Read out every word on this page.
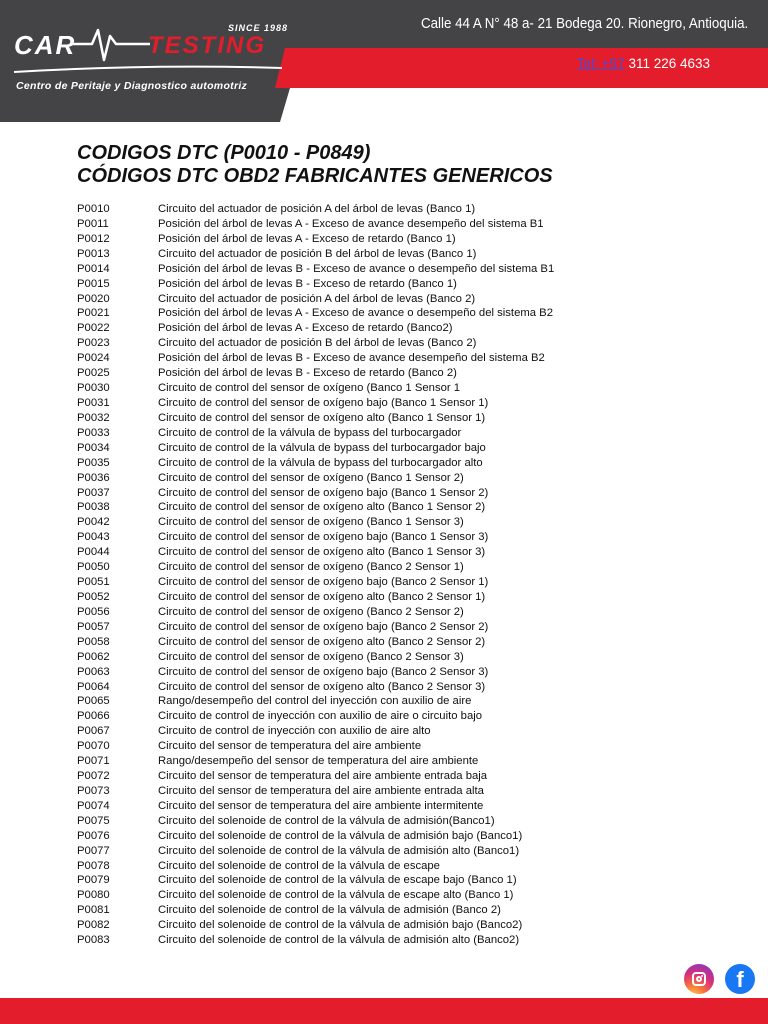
CAR
SINCE 1988
TESTING
Centro de Peritaje y Diagnostico automotriz
Calle 44 A N° 48 a- 21 Bodega 20. Rionegro, Antioquia.
Tel: +57 311 226 4633
CODIGOS DTC (P0010 - P0849)
CÓDIGOS DTC OBD2 FABRICANTES GENERICOS
P0010	Circuito del actuador de posición A del árbol de levas (Banco 1)
P0011	Posición del árbol de levas A - Exceso de avance desempeño del sistema B1
P0012	Posición del árbol de levas A - Exceso de retardo (Banco 1)
P0013	Circuito del actuador de posición B del árbol de levas (Banco 1)
P0014	Posición del árbol de levas B - Exceso de avance o desempeño del sistema B1
P0015	Posición del árbol de levas B - Exceso de retardo (Banco 1)
P0020	Circuito del actuador de posición A del árbol de levas (Banco 2)
P0021	Posición del árbol de levas A - Exceso de avance o desempeño del sistema B2
P0022	Posición del árbol de levas A - Exceso de retardo (Banco2)
P0023	Circuito del actuador de posición B del árbol de levas (Banco 2)
P0024	Posición del árbol de levas B - Exceso de avance desempeño del sistema B2
P0025	Posición del árbol de levas B - Exceso de retardo (Banco 2)
P0030	Circuito de control del sensor de oxígeno (Banco 1 Sensor 1
P0031	Circuito de control del sensor de oxígeno bajo (Banco 1 Sensor 1)
P0032	Circuito de control del sensor de oxígeno alto (Banco 1 Sensor 1)
P0033	Circuito de control de la válvula de bypass del turbocargador
P0034	Circuito de control de la válvula de bypass del turbocargador bajo
P0035	Circuito de control de la válvula de bypass del turbocargador alto
P0036	Circuito de control del sensor de oxígeno (Banco 1 Sensor 2)
P0037	Circuito de control del sensor de oxígeno bajo (Banco 1 Sensor 2)
P0038	Circuito de control del sensor de oxígeno alto (Banco 1 Sensor 2)
P0042	Circuito de control del sensor de oxígeno (Banco 1 Sensor 3)
P0043	Circuito de control del sensor de oxígeno bajo (Banco 1 Sensor 3)
P0044	Circuito de control del sensor de oxígeno alto (Banco 1 Sensor 3)
P0050	Circuito de control del sensor de oxígeno (Banco 2 Sensor 1)
P0051	Circuito de control del sensor de oxígeno bajo (Banco 2 Sensor 1)
P0052	Circuito de control del sensor de oxígeno alto (Banco 2 Sensor 1)
P0056	Circuito de control del sensor de oxígeno (Banco 2 Sensor 2)
P0057	Circuito de control del sensor de oxígeno bajo (Banco 2 Sensor 2)
P0058	Circuito de control del sensor de oxígeno alto (Banco 2 Sensor 2)
P0062	Circuito de control del sensor de oxígeno (Banco 2 Sensor 3)
P0063	Circuito de control del sensor de oxígeno bajo (Banco 2 Sensor 3)
P0064	Circuito de control del sensor de oxígeno alto (Banco 2 Sensor 3)
P0065	Rango/desempeño del control del inyección con auxilio de aire
P0066	Circuito de control de inyección con auxilio de aire o circuito bajo
P0067	Circuito de control de inyección con auxilio de aire alto
P0070	Circuito del sensor de temperatura del aire ambiente
P0071	Rango/desempeño del sensor de temperatura del aire ambiente
P0072	Circuito del sensor de temperatura del aire ambiente entrada baja
P0073	Circuito del sensor de temperatura del aire ambiente entrada alta
P0074	Circuito del sensor de temperatura del aire ambiente intermitente
P0075	Circuito del solenoide de control de la válvula de admisión(Banco1)
P0076	Circuito del solenoide de control de la válvula de admisión bajo (Banco1)
P0077	Circuito del solenoide de control de la válvula de admisión alto (Banco1)
P0078	Circuito del solenoide de control de la válvula de escape
P0079	Circuito del solenoide de control de la válvula de escape bajo (Banco 1)
P0080	Circuito del solenoide de control de la válvula de escape alto (Banco 1)
P0081	Circuito del solenoide de control de la válvula de admisión (Banco 2)
P0082	Circuito del solenoide de control de la válvula de admisión bajo (Banco2)
P0083	Circuito del solenoide de control de la válvula de admisión alto (Banco2)
f
